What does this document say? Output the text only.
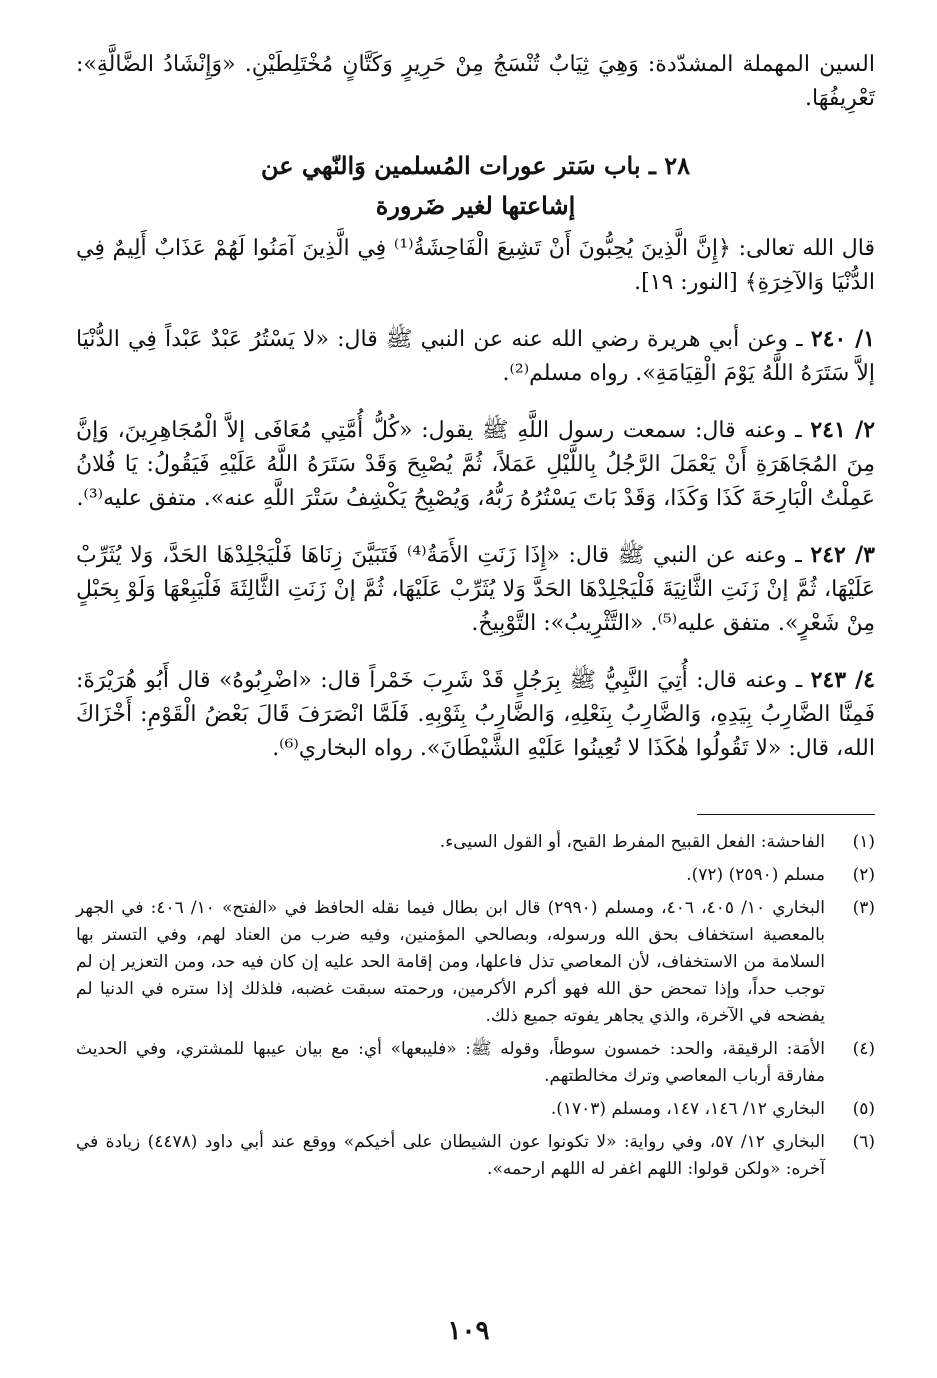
السين المهملة المشدّدة: وَهِيَ ثِيَابٌ تُنْسَجُ مِنْ حَرِيرٍ وَكَتَّانٍ مُخْتَلِطَيْنِ. «وَإِنْشَادُ الضَّالَّةِ»: تَعْرِيفُهَا.

٢٨ ـ باب سَتر عورات المُسلمين وَالنّهي عن
إشاعتها لغير ضَرورة

قال الله تعالى: ﴿إِنَّ الَّذِينَ يُحِبُّونَ أَنْ تَشِيعَ الْفَاحِشَةُ⁽¹⁾ فِي الَّذِينَ آمَنُوا لَهُمْ عَذَابٌ أَلِيمٌ فِي الدُّنْيَا وَالآخِرَةِ﴾ [النور: ١٩].

١/ ٢٤٠ ـ وعن أبي هريرة رضي الله عنه عن النبي ﷺ قال: «لا يَسْتُرُ عَبْدٌ عَبْداً فِي الدُّنْيَا إلاَّ سَتَرَهُ اللَّهُ يَوْمَ الْقِيَامَةِ». رواه مسلم⁽²⁾.

٢/ ٢٤١ ـ وعنه قال: سمعت رسول اللَّهِ ﷺ يقول: «كُلُّ أُمَّتِي مُعَافَى إلاَّ الْمُجَاهِرِينَ، وَإنَّ مِنَ المُجَاهَرَةِ أَنْ يَعْمَلَ الرَّجُلُ بِاللَّيْلِ عَمَلاً، ثُمَّ يُصْبِحَ وَقَدْ سَتَرَهُ اللَّهُ عَلَيْهِ فَيَقُولُ: يَا فُلانُ عَمِلْتُ الْبَارِحَةَ كَذَا وَكَذَا، وَقَدْ بَاتَ يَسْتُرُهُ رَبُّهُ، وَيُصْبِحُ يَكْشِفُ سَتْرَ اللَّهِ عنه». متفق عليه⁽³⁾.

٣/ ٢٤٢ ـ وعنه عن النبي ﷺ قال: «إِذَا زَنَتِ الأَمَةُ⁽⁴⁾ فَتَبَيَّنَ زِنَاهَا فَلْيَجْلِدْهَا الحَدَّ، وَلا يُثَرِّبْ عَلَيْهَا، ثُمَّ إنْ زَنَتِ الثَّانِيَةَ فَلْيَجْلِدْهَا الحَدَّ وَلا يُثَرِّبْ عَلَيْهَا، ثُمَّ إنْ زَنَتِ الثَّالِثَةَ فَلْيَبِعْهَا وَلَوْ بِحَبْلٍ مِنْ شَعْرٍ». متفق عليه⁽⁵⁾. «التَّثْرِيبُ»: التَّوْبِيخُ.

٤/ ٢٤٣ ـ وعنه قال: أُتِيَ النَّبِيُّ ﷺ بِرَجُلٍ قَدْ شَرِبَ خَمْراً قال: «اضْرِبُوهُ» قال أَبُو هُرَيْرَةَ: فَمِنَّا الضَّارِبُ بِيَدِهِ، وَالضَّارِبُ بِنَعْلِهِ، وَالضَّارِبُ بِثَوْبِهِ. فَلَمَّا انْصَرَفَ قَالَ بَعْضُ الْقَوْمِ: أَخْزَاكَ الله، قال: «لا تَقُولُوا هٰكَذَا لا تُعِينُوا عَلَيْهِ الشَّيْطَانَ». رواه البخاري⁽⁶⁾.

(١)
الفاحشة: الفعل القبيح المفرط القبح، أو القول السيىء.
(٢)
مسلم (٢٥٩٠) (٧٢).
(٣)
البخاري ١٠/ ٤٠٥، ٤٠٦، ومسلم (٢٩٩٠) قال ابن بطال فيما نقله الحافظ في «الفتح» ١٠/ ٤٠٦: في الجهر بالمعصية استخفاف بحق الله ورسوله، وبصالحي المؤمنين، وفيه ضرب من العناد لهم، وفي التستر بها السلامة من الاستخفاف، لأن المعاصي تذل فاعلها، ومن إقامة الحد عليه إن كان فيه حد، ومن التعزير إن لم توجب حداً، وإذا تمحض حق الله فهو أكرم الأكرمين، ورحمته سبقت غضبه، فلذلك إذا ستره في الدنيا لم يفضحه في الآخرة، والذي يجاهر يفوته جميع ذلك.
(٤)
الأمَة: الرقيقة، والحد: خمسون سوطاً، وقوله ﷺ: «فليبعها» أي: مع بيان عيبها للمشتري، وفي الحديث مفارقة أرباب المعاصي وترك مخالطتهم.
(٥)
البخاري ١٢/ ١٤٦، ١٤٧، ومسلم (١٧٠٣).
(٦)
البخاري ١٢/ ٥٧، وفي رواية: «لا تكونوا عون الشيطان على أخيكم» ووقع عند أبي داود (٤٤٧٨) زيادة في آخره: «ولكن قولوا: اللهم اغفر له اللهم ارحمه».
١٠٩
